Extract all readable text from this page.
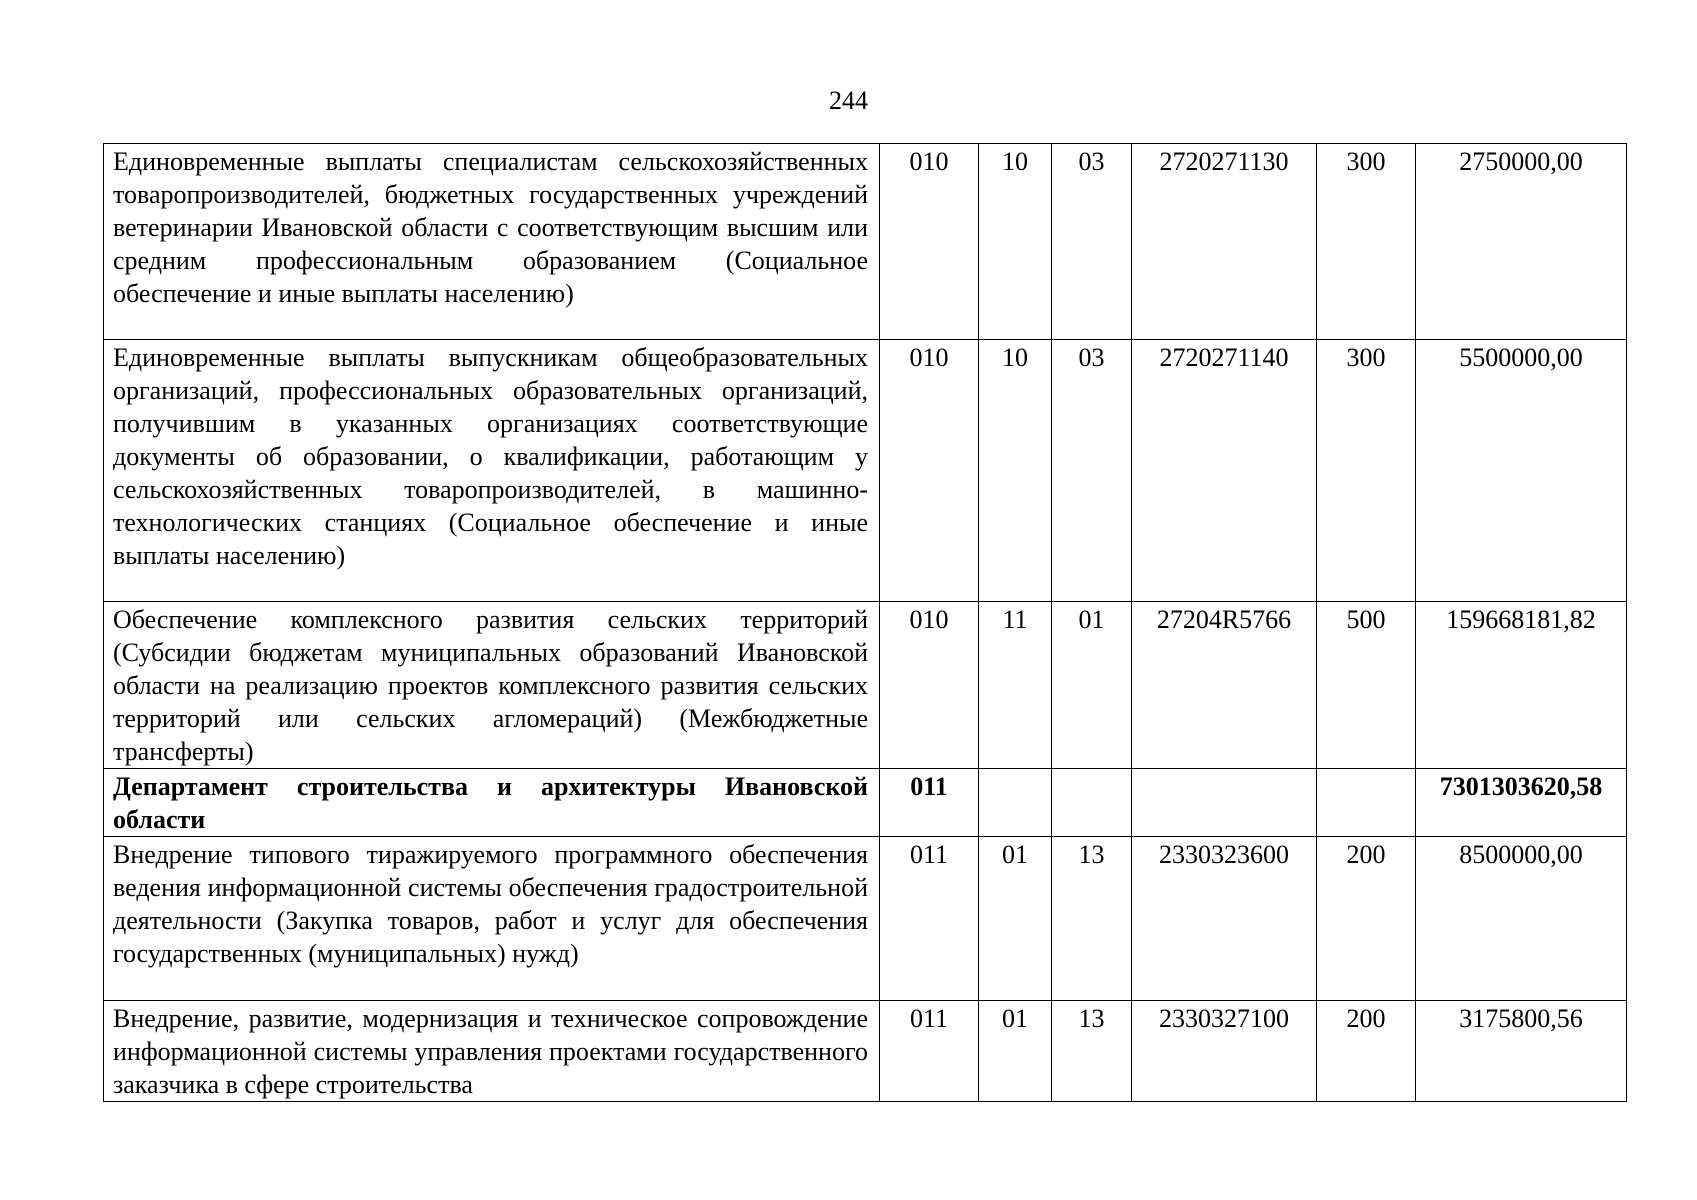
244
Единовременные выплаты специалистам сельскохозяйственных товаропроизводителей, бюджетных государственных учреждений ветеринарии Ивановской области с соответствующим высшим или средним профессиональным образованием (Социальное обеспечение и иные выплаты населению)	010	10	03	2720271130	300	2750000,00
Единовременные выплаты выпускникам общеобразовательных организаций, профессиональных образовательных организаций, получившим в указанных организациях соответствующие документы об образовании, о квалификации, работающим у сельскохозяйственных товаропроизводителей, в машинно-технологических станциях (Социальное обеспечение и иные выплаты населению)	010	10	03	2720271140	300	5500000,00
Обеспечение комплексного развития сельских территорий (Субсидии бюджетам муниципальных образований Ивановской области на реализацию проектов комплексного развития сельских территорий или сельских агломераций) (Межбюджетные трансферты)	010	11	01	27204R5766	500	159668181,82
Департамент строительства и архитектуры Ивановской области	011					7301303620,58
Внедрение типового тиражируемого программного обеспечения ведения информационной системы обеспечения градостроительной деятельности (Закупка товаров, работ и услуг для обеспечения государственных (муниципальных) нужд)	011	01	13	2330323600	200	8500000,00
Внедрение, развитие, модернизация и техническое сопровождение информационной системы управления проектами государственного заказчика в сфере строительства	011	01	13	2330327100	200	3175800,56
